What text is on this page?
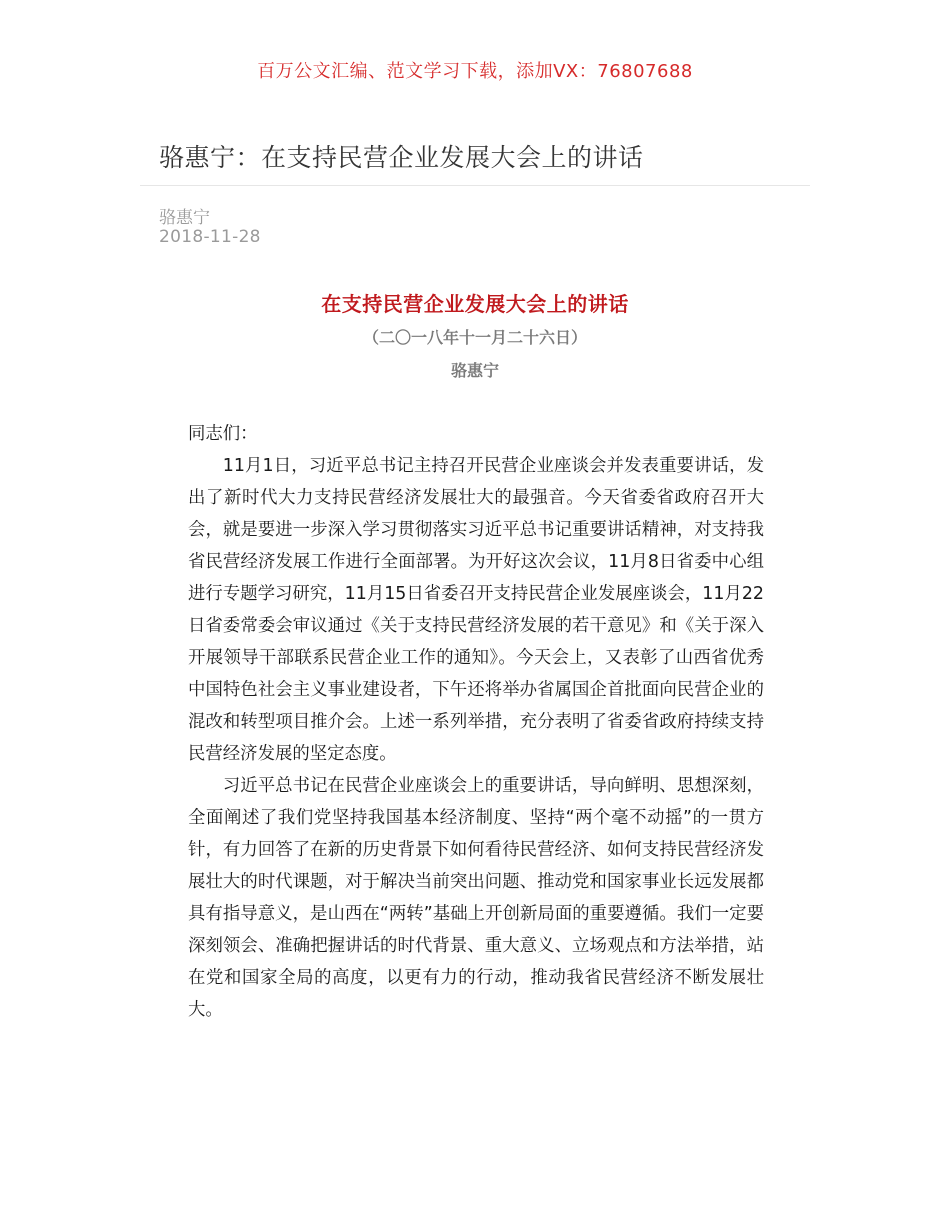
百万公文汇编、范文学习下载，添加VX：76807688
骆惠宁：在支持民营企业发展大会上的讲话
骆惠宁
2018-11-28
在支持民营企业发展大会上的讲话
（二〇一八年十一月二十六日）
骆惠宁

同志们：

11月1日，习近平总书记主持召开民营企业座谈会并发表重要讲话，发出了新时代大力支持民营经济发展壮大的最强音。今天省委省政府召开大会，就是要进一步深入学习贯彻落实习近平总书记重要讲话精神，对支持我省民营经济发展工作进行全面部署。为开好这次会议，11月8日省委中心组进行专题学习研究，11月15日省委召开支持民营企业发展座谈会，11月22日省委常委会审议通过《关于支持民营经济发展的若干意见》和《关于深入开展领导干部联系民营企业工作的通知》。今天会上，又表彰了山西省优秀中国特色社会主义事业建设者，下午还将举办省属国企首批面向民营企业的混改和转型项目推介会。上述一系列举措，充分表明了省委省政府持续支持民营经济发展的坚定态度。

习近平总书记在民营企业座谈会上的重要讲话，导向鲜明、思想深刻，全面阐述了我们党坚持我国基本经济制度、坚持“两个毫不动摇”的一贯方针，有力回答了在新的历史背景下如何看待民营经济、如何支持民营经济发展壮大的时代课题，对于解决当前突出问题、推动党和国家事业长远发展都具有指导意义，是山西在“两转”基础上开创新局面的重要遵循。我们一定要深刻领会、准确把握讲话的时代背景、重大意义、立场观点和方法举措，站在党和国家全局的高度，以更有力的行动，推动我省民营经济不断发展壮大。
